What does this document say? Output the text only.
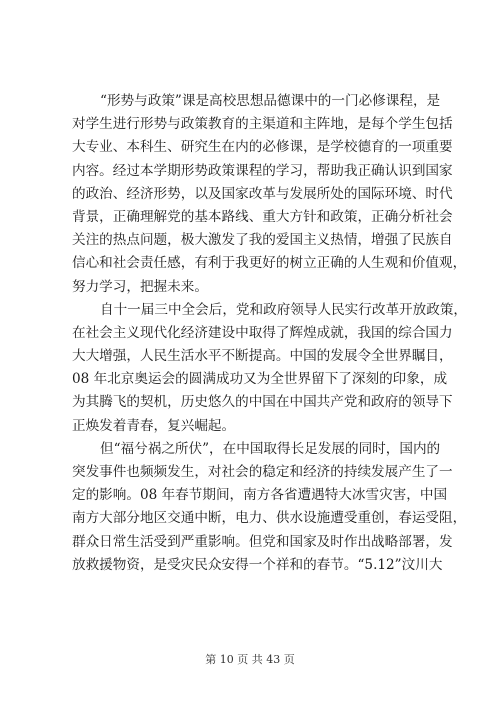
“形势与政策”课是高校思想品德课中的一门必修课程，是
对学生进行形势与政策教育的主渠道和主阵地，是每个学生包括
大专业、本科生、研究生在内的必修课，是学校德育的一项重要
内容。经过本学期形势政策课程的学习，帮助我正确认识到国家
的政治、经济形势，以及国家改革与发展所处的国际环境、时代
背景，正确理解党的基本路线、重大方针和政策，正确分析社会
关注的热点问题，极大激发了我的爱国主义热情，增强了民族自
信心和社会责任感，有利于我更好的树立正确的人生观和价值观，
努力学习，把握未来。

自十一届三中全会后，党和政府领导人民实行改革开放政策，
在社会主义现代化经济建设中取得了辉煌成就，我国的综合国力
大大增强，人民生活水平不断提高。中国的发展令全世界瞩目，
08 年北京奥运会的圆满成功又为全世界留下了深刻的印象，成
为其腾飞的契机，历史悠久的中国在中国共产党和政府的领导下
正焕发着青春，复兴崛起。

但“福兮祸之所伏”，在中国取得长足发展的同时，国内的
突发事件也频频发生，对社会的稳定和经济的持续发展产生了一
定的影响。08 年春节期间，南方各省遭遇特大冰雪灾害，中国
南方大部分地区交通中断，电力、供水设施遭受重创，春运受阻，
群众日常生活受到严重影响。但党和国家及时作出战略部署，发
放救援物资，是受灾民众安得一个祥和的春节。“5.12”汶川大

第 10 页 共 43 页
